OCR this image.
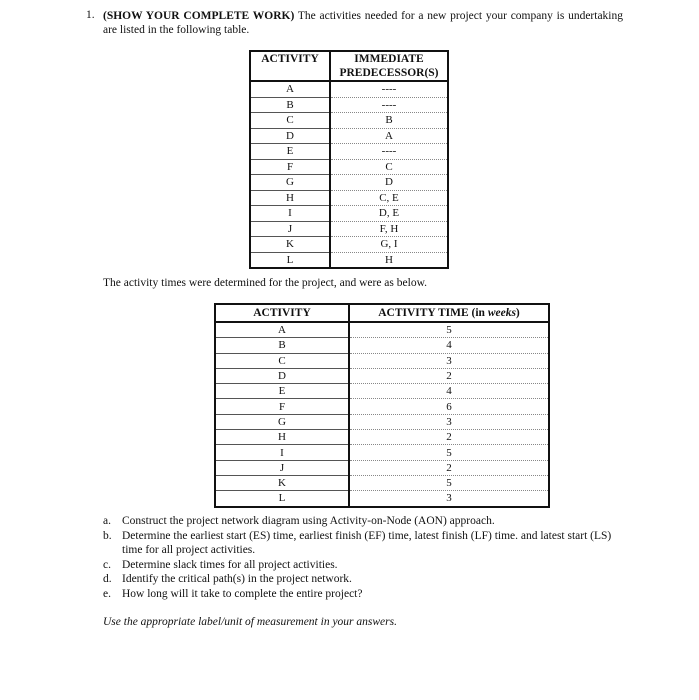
1. (SHOW YOUR COMPLETE WORK) The activities needed for a new project your company is undertaking are listed in the following table.
ACTIVITY	IMMEDIATE
PREDECESSOR(S)

A	----
B	----
C	B
D	A
E	----
F	C
G	D
H	C, E
I	D, E
J	F, H
K	G, I
L	H
The activity times were determined for the project, and were as below.
ACTIVITY	ACTIVITY TIME (in weeks)
A	5
B	4
C	3
D	2
E	4
F	6
G	3
H	2
I	5
J	2
K	5
L	3
a. Construct the project network diagram using Activity-on-Node (AON) approach.
b. Determine the earliest start (ES) time, earliest finish (EF) time, latest finish (LF) time. and latest start (LS) time for all project activities.
c. Determine slack times for all project activities.
d. Identify the critical path(s) in the project network.
e. How long will it take to complete the entire project?
Use the appropriate label/unit of measurement in your answers.
